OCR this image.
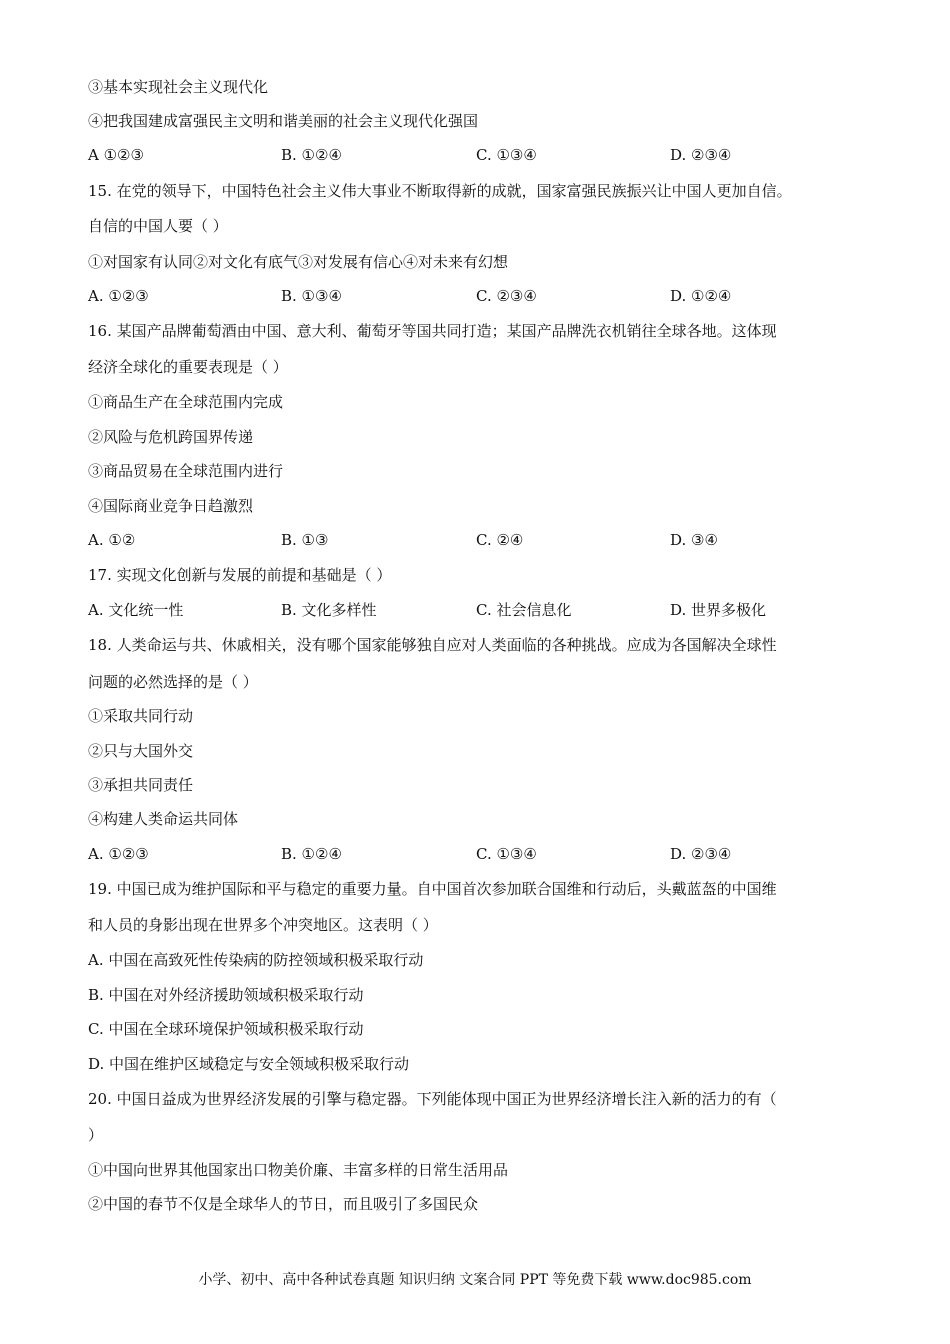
③基本实现社会主义现代化
④把我国建成富强民主文明和谐美丽的社会主义现代化强国
A ①②③	B. ①②④	C. ①③④	D. ②③④
15. 在党的领导下，中国特色社会主义伟大事业不断取得新的成就，国家富强民族振兴让中国人更加自信。
自信的中国人要（ ）
①对国家有认同②对文化有底气③对发展有信心④对未来有幻想
A. ①②③	B. ①③④	C. ②③④	D. ①②④
16. 某国产品牌葡萄酒由中国、意大利、葡萄牙等国共同打造；某国产品牌洗衣机销往全球各地。这体现
经济全球化的重要表现是（ ）
①商品生产在全球范围内完成
②风险与危机跨国界传递
③商品贸易在全球范围内进行
④国际商业竞争日趋激烈
A. ①②	B. ①③	C. ②④	D. ③④
17. 实现文化创新与发展的前提和基础是（ ）
A. 文化统一性	B. 文化多样性	C. 社会信息化	D. 世界多极化
18. 人类命运与共、休戚相关，没有哪个国家能够独自应对人类面临的各种挑战。应成为各国解决全球性
问题的必然选择的是（ ）
①采取共同行动
②只与大国外交
③承担共同责任
④构建人类命运共同体
A. ①②③	B. ①②④	C. ①③④	D. ②③④
19. 中国已成为维护国际和平与稳定的重要力量。自中国首次参加联合国维和行动后，头戴蓝盔的中国维
和人员的身影出现在世界多个冲突地区。这表明（ ）
A. 中国在高致死性传染病的防控领域积极采取行动
B. 中国在对外经济援助领域积极采取行动
C. 中国在全球环境保护领域积极采取行动
D. 中国在维护区域稳定与安全领域积极采取行动
20. 中国日益成为世界经济发展的引擎与稳定器。下列能体现中国正为世界经济增长注入新的活力的有（
）
①中国向世界其他国家出口物美价廉、丰富多样的日常生活用品
②中国的春节不仅是全球华人的节日，而且吸引了多国民众
小学、初中、高中各种试卷真题 知识归纳 文案合同 PPT 等免费下载 www.doc985.com
